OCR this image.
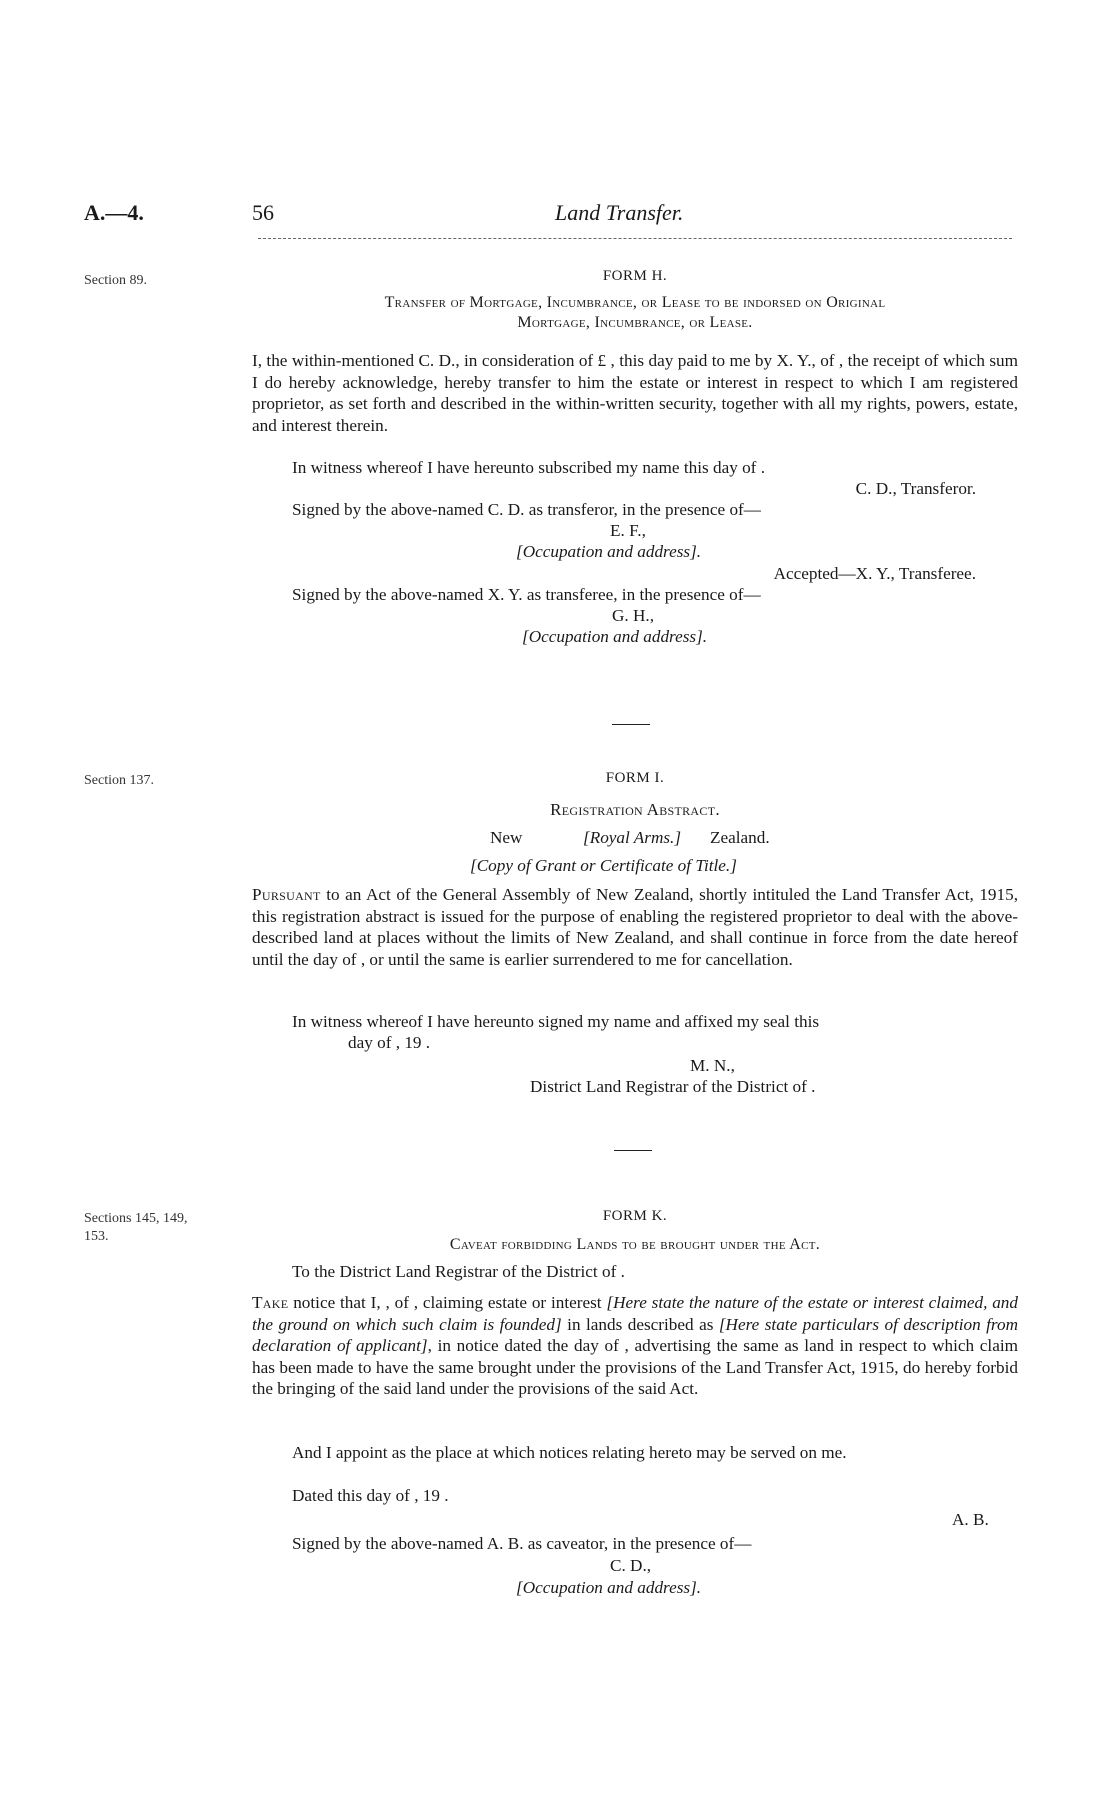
A.—4.	56	Land Transfer.
Section 89.	FORM H.
Transfer of Mortgage, Incumbrance, or Lease to be indorsed on Original
Mortgage, Incumbrance, or Lease.
I, the within-mentioned C. D., in consideration of £ , this day paid to me by X. Y., of , the receipt of which sum I do hereby acknowledge, hereby transfer to him the estate or interest in respect to which I am registered proprietor, as set forth and described in the within-written security, together with all my rights, powers, estate, and interest therein.
In witness whereof I have hereunto subscribed my name this day of .
C. D., Transferor.
Signed by the above-named C. D. as transferor, in the presence of—
E. F.,
[Occupation and address].
Accepted—X. Y., Transferee.
Signed by the above-named X. Y. as transferee, in the presence of—
G. H.,
[Occupation and address].
Section 137.	FORM I.
Registration Abstract.
New	[Royal Arms.] Zealand.
[Copy of Grant or Certificate of Title.]
Pursuant to an Act of the General Assembly of New Zealand, shortly intituled the Land Transfer Act, 1915, this registration abstract is issued for the purpose of enabling the registered proprietor to deal with the above-described land at places without the limits of New Zealand, and shall continue in force from the date hereof until the day of , or until the same is earlier surrendered to me for cancellation.
In witness whereof I have hereunto signed my name and affixed my seal this
day of , 19 .
M. N.,
District Land Registrar of the District of .
Sections 145, 149,
153.
FORM K.
Caveat forbidding Lands to be brought under the Act.
To the District Land Registrar of the District of .
Take notice that I, , of , claiming estate or interest [Here state the nature of the estate or interest claimed, and the ground on which such claim is founded] in lands described as [Here state particulars of description from declaration of applicant], in notice dated the day of , advertising the same as land in respect to which claim has been made to have the same brought under the provisions of the Land Transfer Act, 1915, do hereby forbid the bringing of the said land under the provisions of the said Act.
And I appoint as the place at which notices relating hereto may be served on me.
Dated this day of , 19 .
A. B.
Signed by the above-named A. B. as caveator, in the presence of—
C. D.,
[Occupation and address].
